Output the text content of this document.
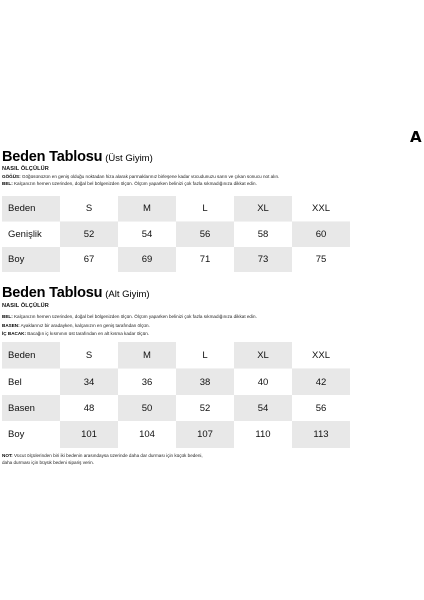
A
Beden Tablosu (Üst Giyim)
NASIL ÖLÇÜLÜR
GÖĞÜS: Göğüsünüzün en geniş olduğu noktadan hiza alarak parmaklarınız birleşene kadar vücudunuzu sarın ve çıkan sonucu not alın.
BEL: Kalçanızın hemen üzerinden, doğal bel bölgenizden ölçün. Ölçüm yaparken belinizi çok fazla sıkmadığınıza dikkat edin.
Beden	S	M	L	XL	XXL
Genişlik	52	54	56	58	60
Boy	67	69	71	73	75
Beden Tablosu (Alt Giyim)
NASIL ÖLÇÜLÜR
BEL: Kalçanızın hemen üzerinden, doğal bel bölgenizden ölçün. Ölçüm yaparken belinizi çok fazla sıkmadığınıza dikkat edin.
BASEN: Ayaklarınız bir aradayken, kalçanızın en geniş tarafından ölçün.
İÇ BACAK: Bacağın iç kısmının üst tarafından en alt kısma kadar ölçün.
Beden	S	M	L	XL	XXL
Bel	34	36	38	40	42
Basen	48	50	52	54	56
Boy	101	104	107	110	113
NOT: Vücut ölçülerinden biri iki bedenin arasındaysa üzerinde daha dar durması için küçük bedeni,
daha durması için büyük bedeni sipariş verin.
